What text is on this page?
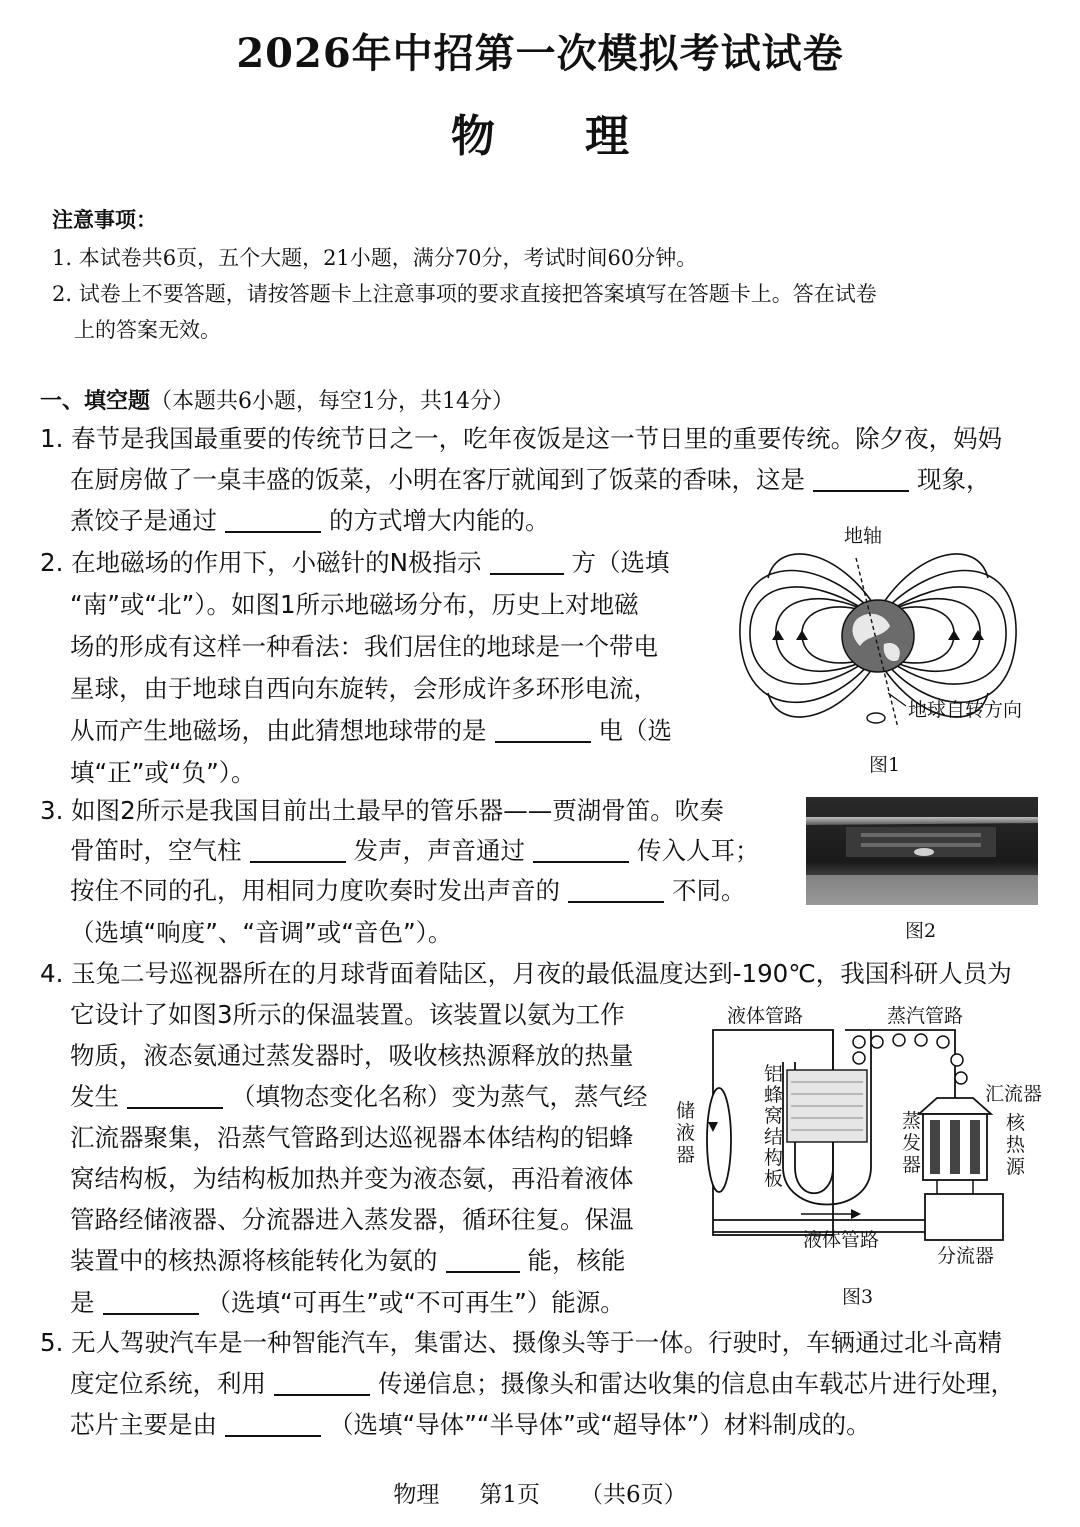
2026年中招第一次模拟考试试卷
物理
注意事项：
1. 本试卷共6页，五个大题，21小题，满分70分，考试时间60分钟。
2. 试卷上不要答题，请按答题卡上注意事项的要求直接把答案填写在答题卡上。答在试卷
上的答案无效。
一、填空题（本题共6小题，每空1分，共14分）
1. 春节是我国最重要的传统节日之一，吃年夜饭是这一节日里的重要传统。除夕夜，妈妈
在厨房做了一桌丰盛的饭菜，小明在客厅就闻到了饭菜的香味，这是	现象，
煮饺子是通过	的方式增大内能的。
2. 在地磁场的作用下，小磁针的N极指示	方（选填
“南”或“北”）。如图1所示地磁场分布，历史上对地磁
场的形成有这样一种看法：我们居住的地球是一个带电
星球，由于地球自西向东旋转，会形成许多环形电流，
从而产生地磁场，由此猜想地球带的是	电（选
填“正”或“负”）。
地轴
地球自转方向
图1
3. 如图2所示是我国目前出土最早的管乐器——贾湖骨笛。吹奏
骨笛时，空气柱	发声，声音通过	传入人耳；
按住不同的孔，用相同力度吹奏时发出声音的	不同。
（选填“响度”、“音调”或“音色”）。	图2
4. 玉兔二号巡视器所在的月球背面着陆区，月夜的最低温度达到-190℃，我国科研人员为
它设计了如图3所示的保温装置。该装置以氨为工作
物质，液态氨通过蒸发器时，吸收核热源释放的热量
发生	（填物态变化名称）变为蒸气，蒸气经
汇流器聚集，沿蒸气管路到达巡视器本体结构的铝蜂
窝结构板，为结构板加热并变为液态氨，再沿着液体
管路经储液器、分流器进入蒸发器，循环往复。保温
装置中的核热源将核能转化为氨的	能，核能
是	（选填“可再生”或“不可再生”）能源。
液体管路	蒸汽管路
汇流器
液体管路
分流器
储液器
铝蜂窝结构板
蒸发器
核热源
图3
5. 无人驾驶汽车是一种智能汽车，集雷达、摄像头等于一体。行驶时，车辆通过北斗高精
度定位系统，利用	传递信息；摄像头和雷达收集的信息由车载芯片进行处理，
芯片主要是由	（选填“导体”“半导体”或“超导体”）材料制成的。
物理 第1页 （共6页）
